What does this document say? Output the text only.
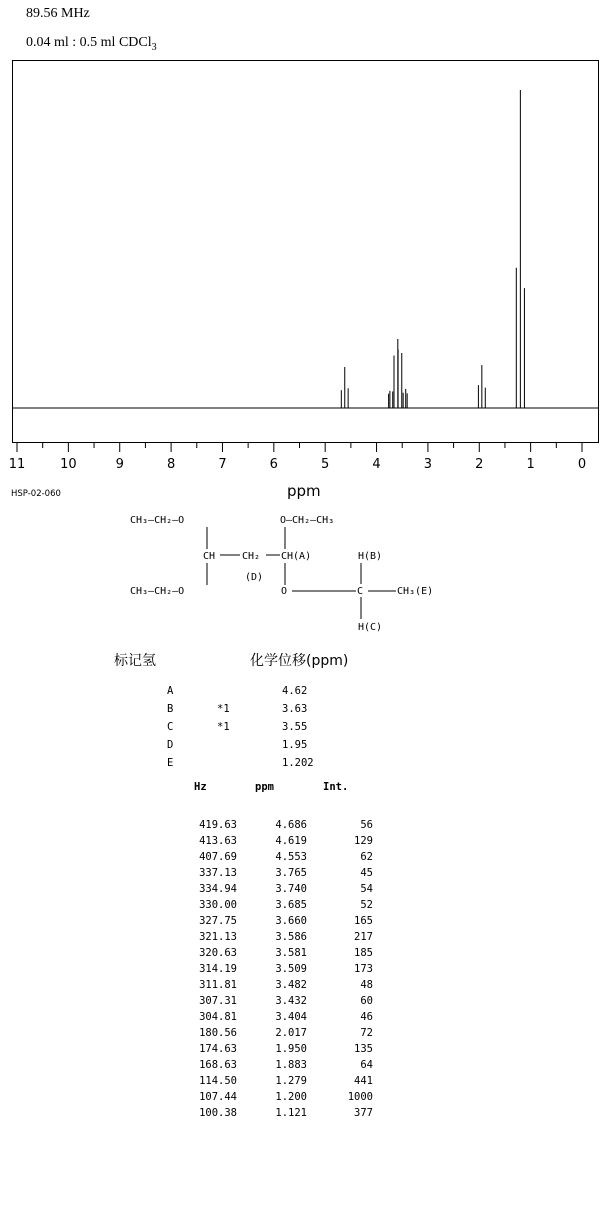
89.56 MHz
0.04 ml : 0.5 ml CDCl$_3$
11	10	9	8	7	6	5	4	3	2	1	0
ppm
HSP-02-060
CH₃–CH₂–O	O–CH₂–CH₃
CH	CH₂ CH(A)
(D)
H(B)
CH₃–CH₂–O	O	C	CH₃(E)
H(C)
标记氢	化学位移(ppm)
A		4.62
B	*1	3.63
C	*1	3.55
D		1.95
E		1.202
Hz	ppm	Int.

419.63	4.686	56
413.63	4.619	129
407.69	4.553	62
337.13	3.765	45
334.94	3.740	54
330.00	3.685	52
327.75	3.660	165
321.13	3.586	217
320.63	3.581	185
314.19	3.509	173
311.81	3.482	48
307.31	3.432	60
304.81	3.404	46
180.56	2.017	72
174.63	1.950	135
168.63	1.883	64
114.50	1.279	441
107.44	1.200	1000
100.38	1.121	377
